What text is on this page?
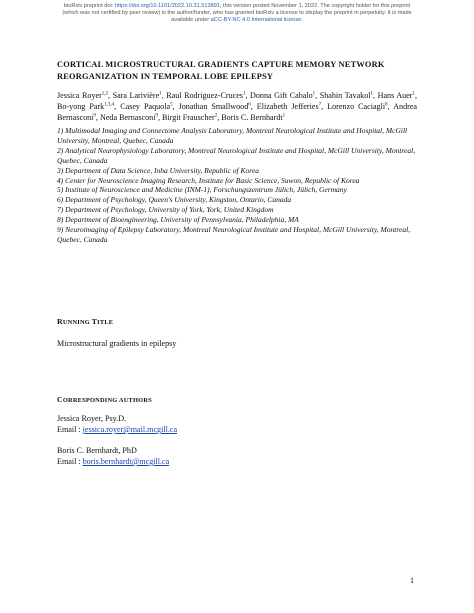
bioRxiv preprint doi: https://doi.org/10.1101/2022.10.31.513891; this version posted November 1, 2022. The copyright holder for this preprint
(which was not certified by peer review) is the author/funder, who has granted bioRxiv a license to display the preprint in perpetuity. It is made
available under aCC-BY-NC 4.0 International license.
CORTICAL MICROSTRUCTURAL GRADIENTS CAPTURE MEMORY NETWORK
REORGANIZATION IN TEMPORAL LOBE EPILEPSY
Jessica Royer$^{1,2}$, Sara Larivière$^1$, Raul Rodriguez-Cruces$^1$, Donna Gift Cabalo$^1$, Shahin Tavakol$^1$, Hans Auer$^1$, Bo-yong Park$^{1,3,4}$, Casey Paquola$^5$, Jonathan Smallwood$^6$, Elizabeth Jefferies$^7$, Lorenzo Caciagli$^8$, Andrea Bernasconi$^9$, Neda Bernasconi$^9$, Birgit Frauscher$^2$, Boris C. Bernhardt$^1$
1) Multimodal Imaging and Connectome Analysis Laboratory, Montreal Neurological Institute and Hospital, McGill University, Montreal, Quebec, Canada
2) Analytical Neurophysiology Laboratory, Montreal Neurological Institute and Hospital, McGill University, Montreal, Quebec, Canada
3) Department of Data Science, Inha University, Republic of Korea
4) Center for Neuroscience Imaging Research, Institute for Basic Science, Suwon, Republic of Korea
5) Institute of Neuroscience and Medicine (INM-1), Forschungszentrum Jülich, Jülich, Germany
6) Department of Psychology, Queen's University, Kingston, Ontario, Canada
7) Department of Psychology, University of York, York, United Kingdom
8) Department of Bioengineering, University of Pennsylvania, Philadelphia, MA
9) Neuroimaging of Epilepsy Laboratory, Montreal Neurological Institute and Hospital, McGill University, Montreal, Quebec, Canada
RUNNING TITLE
Microstructural gradients in epilepsy
CORRESPONDING AUTHORS
Jessica Royer, Psy.D.
Email : jessica.royer@mail.mcgill.ca
Boris C. Bernhardt, PhD
Email : boris.bernhardt@mcgill.ca
1
